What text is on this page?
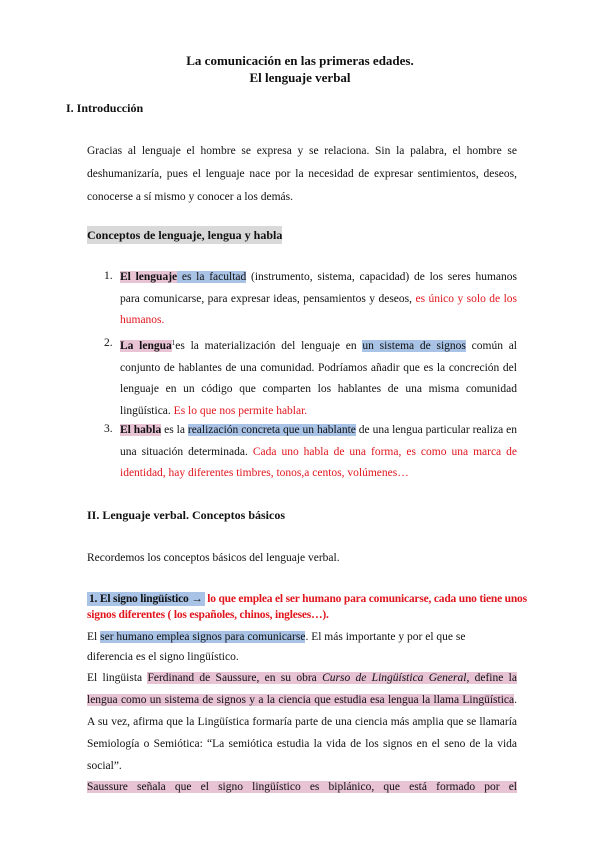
La comunicación en las primeras edades.
El lenguaje verbal
I. Introducción
Gracias al lenguaje el hombre se expresa y se relaciona. Sin la palabra, el hombre se deshumanizaría, pues el lenguaje nace por la necesidad de expresar sentimientos, deseos, conocerse a sí mismo y conocer a los demás.
Conceptos de lenguaje, lengua y habla
1. El lenguaje es la facultad (instrumento, sistema, capacidad) de los seres humanos para comunicarse, para expresar ideas, pensamientos y deseos, es único y solo de los humanos.
2. La lengua$^1$es la materialización del lenguaje en un sistema de signos común al conjunto de hablantes de una comunidad. Podríamos añadir que es la concreción del lenguaje en un código que comparten los hablantes de una misma comunidad lingüística. Es lo que nos permite hablar.
3. El habla es la realización concreta que un hablante de una lengua particular realiza en una situación determinada. Cada uno habla de una forma, es como una marca de identidad, hay diferentes timbres, tonos,a centos, volúmenes…
II. Lenguaje verbal. Conceptos básicos
Recordemos los conceptos básicos del lenguaje verbal.
1. El signo lingüístico → lo que emplea el ser humano para comunicarse, cada uno tiene unos
signos diferentes ( los españoles, chinos, ingleses…).
El ser humano emplea signos para comunicarse. El más importante y por el que se
diferencia es el signo lingüístico.
El lingüista Ferdinand de Saussure, en su obra Curso de Lingüística General, define la lengua como un sistema de signos y a la ciencia que estudia esa lengua la llama Lingüística. A su vez, afirma que la Lingüística formaría parte de una ciencia más amplia que se llamaría Semiología o Semiótica: “La semiótica estudia la vida de los signos en el seno de la vida social”.
Saussure señala que el signo lingüístico es biplánico, que está formado por el
